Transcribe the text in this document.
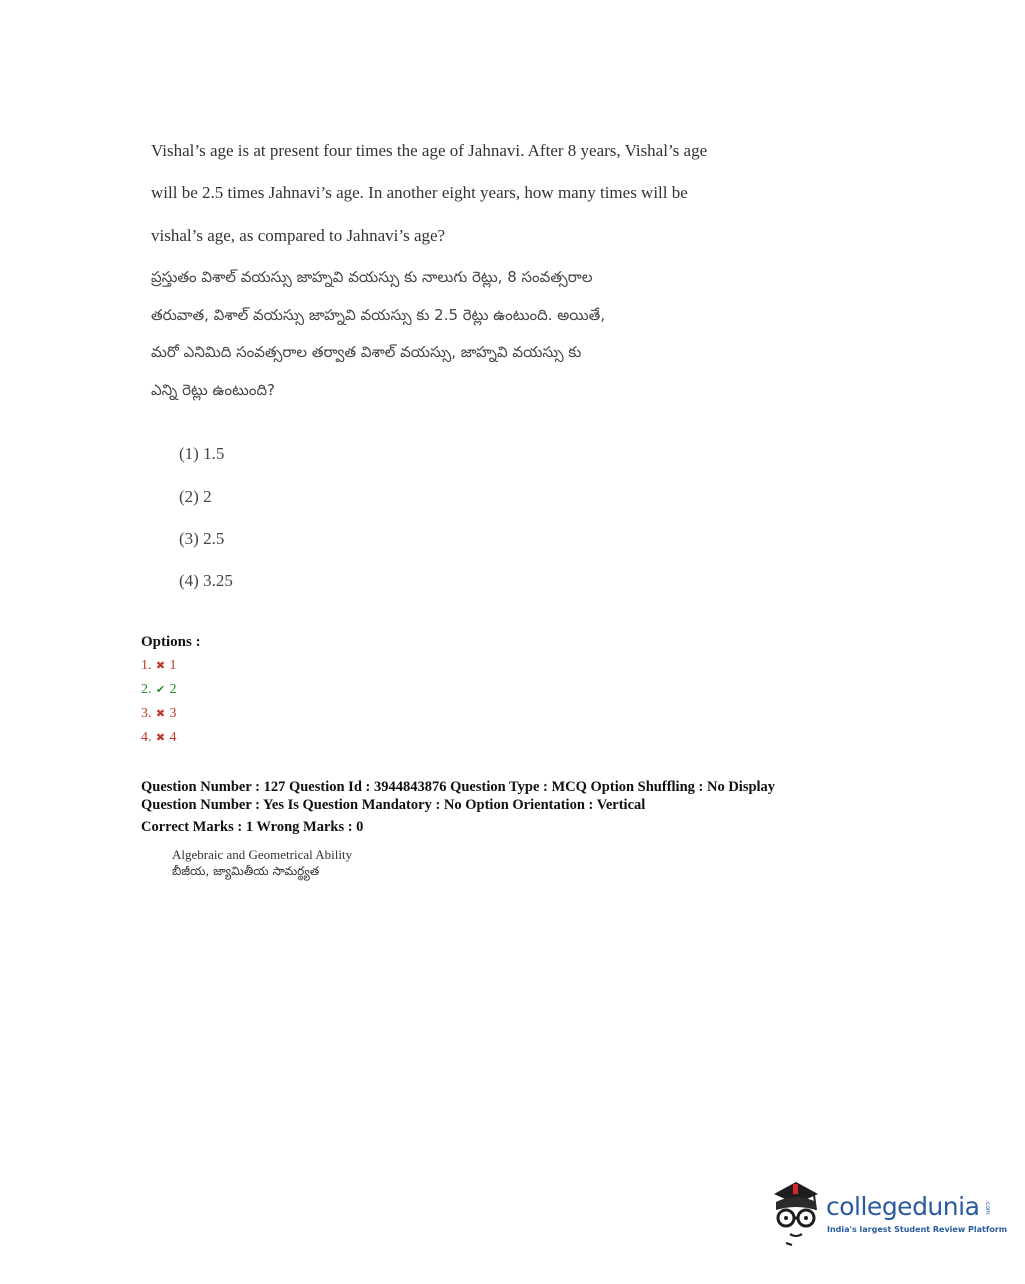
Vishal’s age is at present four times the age of Jahnavi. After 8 years, Vishal’s age
will be 2.5 times Jahnavi’s age. In another eight years, how many times will be
vishal’s age, as compared to Jahnavi’s age?
ప్రస్తుతం విశాల్ వయస్సు జాహ్నవి వయస్సు కు నాలుగు రెట్లు, 8 సంవత్సరాల
తరువాత, విశాల్ వయస్సు జాహ్నవి వయస్సు కు 2.5 రెట్లు ఉంటుంది. అయితే,
మరో ఎనిమిది సంవత్సరాల తర్వాత విశాల్ వయస్సు, జాహ్నవి వయస్సు కు
ఎన్ని రెట్లు ఉంటుంది?
(1) 1.5
(2) 2
(3) 2.5
(4) 3.25
Options :
1. ✖ 1
2. ✔ 2
3. ✖ 3
4. ✖ 4
Question Number : 127 Question Id : 3944843876 Question Type : MCQ Option Shuffling : No Display
Question Number : Yes Is Question Mandatory : No Option Orientation : Vertical
Correct Marks : 1 Wrong Marks : 0
Algebraic and Geometrical Ability
బీజీయ, జ్యామితీయ సామర్థ్యత
collegedunia .com
India's largest Student Review Platform
